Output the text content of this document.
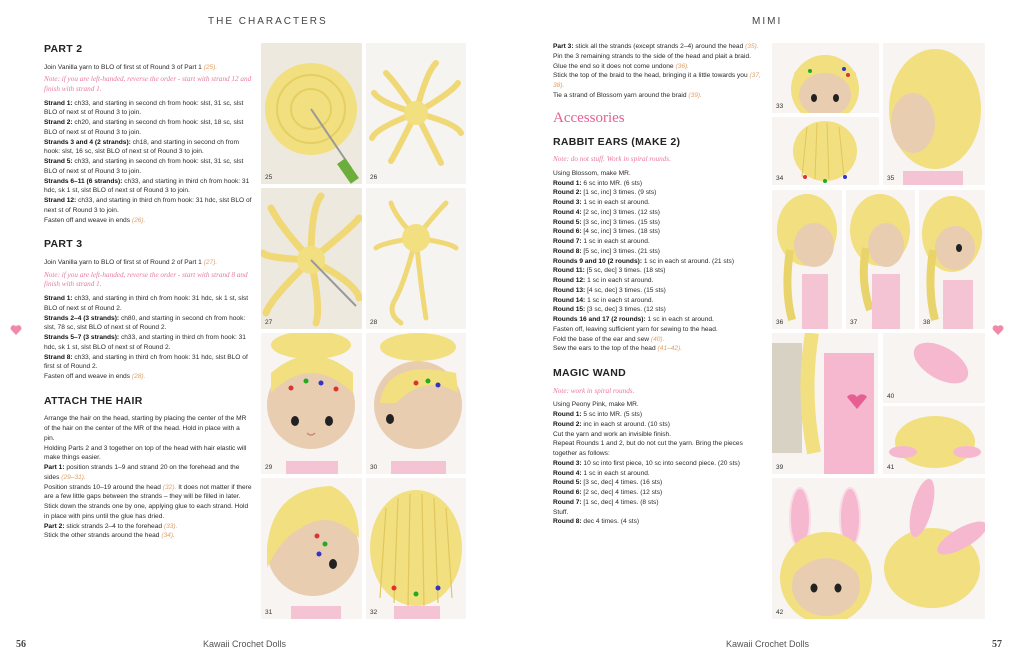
THE CHARACTERS
PART 2

Join Vanilla yarn to BLO of first st of Round 3 of Part 1 (25).

Note: if you are left-handed, reverse the order - start with strand 12 and finish with strand 1.

Strand 1: ch33, and starting in second ch from hook: slst, 31 sc, slst BLO of next st of Round 3 to join.

Strand 2: ch20, and starting in second ch from hook: slst, 18 sc, slst BLO of next st of Round 3 to join.

Strands 3 and 4 (2 strands): ch18, and starting in second ch from hook: slst, 16 sc, slst BLO of next st of Round 3 to join.

Strand 5: ch33, and starting in second ch from hook: slst, 31 sc, slst BLO of next st of Round 3 to join.

Strands 6–11 (6 strands): ch33, and starting in third ch from hook: 31 hdc, sk 1 st, slst BLO of next st of Round 3 to join.

Strand 12: ch33, and starting in third ch from hook: 31 hdc, slst BLO of next st of Round 3 to join.

Fasten off and weave in ends (26).

PART 3

Join Vanilla yarn to BLO of first st of Round 2 of Part 1 (27).

Note: if you are left-handed, reverse the order - start with strand 8 and finish with strand 1.

Strand 1: ch33, and starting in third ch from hook: 31 hdc, sk 1 st, slst BLO of next st of Round 2.

Strands 2–4 (3 strands): ch80, and starting in second ch from hook: slst, 78 sc, slst BLO of next st of Round 2.

Strands 5–7 (3 strands): ch33, and starting in third ch from hook: 31 hdc, sk 1 st, slst BLO of next st of Round 2.

Strand 8: ch33, and starting in third ch from hook: 31 hdc, slst BLO of first st of Round 2.

Fasten off and weave in ends (28).

ATTACH THE HAIR

Arrange the hair on the head, starting by placing the center of the MR of the hair on the center of the MR of the head. Hold in place with a pin.

Holding Parts 2 and 3 together on top of the head with hair elastic will make things easier.

Part 1: position strands 1–9 and strand 20 on the forehead and the sides (29–31).

Position strands 10–19 around the head (32). It does not matter if there are a few little gaps between the strands – they will be filled in later.

Stick down the strands one by one, applying glue to each strand. Hold in place with pins until the glue has dried.

Part 2: stick strands 2–4 to the forehead (33).

Stick the other strands around the head (34).

25	26
27	28
29	30
31	32
Kawaii Crochet Dolls
56
MIMI

Part 3: stick all the strands (except strands 2–4) around the head (35).

Pin the 3 remaining strands to the side of the head and plait a braid. Glue the end so it does not come undone (36).

Stick the top of the braid to the head, bringing it a little towards you (37, 38).

Tie a strand of Blossom yarn around the braid (39).

Accessories
RABBIT EARS (MAKE 2)
Note: do not stuff. Work in spiral rounds.

Using Blossom, make MR.

Round 1: 6 sc into MR. (6 sts)

Round 2: [1 sc, inc] 3 times. (9 sts)

Round 3: 1 sc in each st around.

Round 4: [2 sc, inc] 3 times. (12 sts)

Round 5: [3 sc, inc] 3 times. (15 sts)

Round 6: [4 sc, inc] 3 times. (18 sts)

Round 7: 1 sc in each st around.

Round 8: [5 sc, inc] 3 times. (21 sts)

Rounds 9 and 10 (2 rounds): 1 sc in each st around. (21 sts)

Round 11: [5 sc, dec] 3 times. (18 sts)

Round 12: 1 sc in each st around.

Round 13: [4 sc, dec] 3 times. (15 sts)

Round 14: 1 sc in each st around.

Round 15: [3 sc, dec] 3 times. (12 sts)

Rounds 16 and 17 (2 rounds): 1 sc in each st around.

Fasten off, leaving sufficient yarn for sewing to the head.

Fold the base of the ear and sew (40).

Sew the ears to the top of the head (41–42).

MAGIC WAND
Note: work in spiral rounds.

Using Peony Pink, make MR.

Round 1: 5 sc into MR. (5 sts)

Round 2: inc in each st around. (10 sts)

Cut the yarn and work an invisible finish.

Repeat Rounds 1 and 2, but do not cut the yarn. Bring the pieces together as follows:

Round 3: 10 sc into first piece, 10 sc into second piece. (20 sts)

Round 4: 1 sc in each st around.

Round 5: [3 sc, dec] 4 times. (16 sts)

Round 6: [2 sc, dec] 4 times. (12 sts)

Round 7: [1 sc, dec] 4 times. (8 sts)

Stuff.

Round 8: dec 4 times. (4 sts)

33
34	35
36	37	38
39
40
41
42
Kawaii Crochet Dolls	57
